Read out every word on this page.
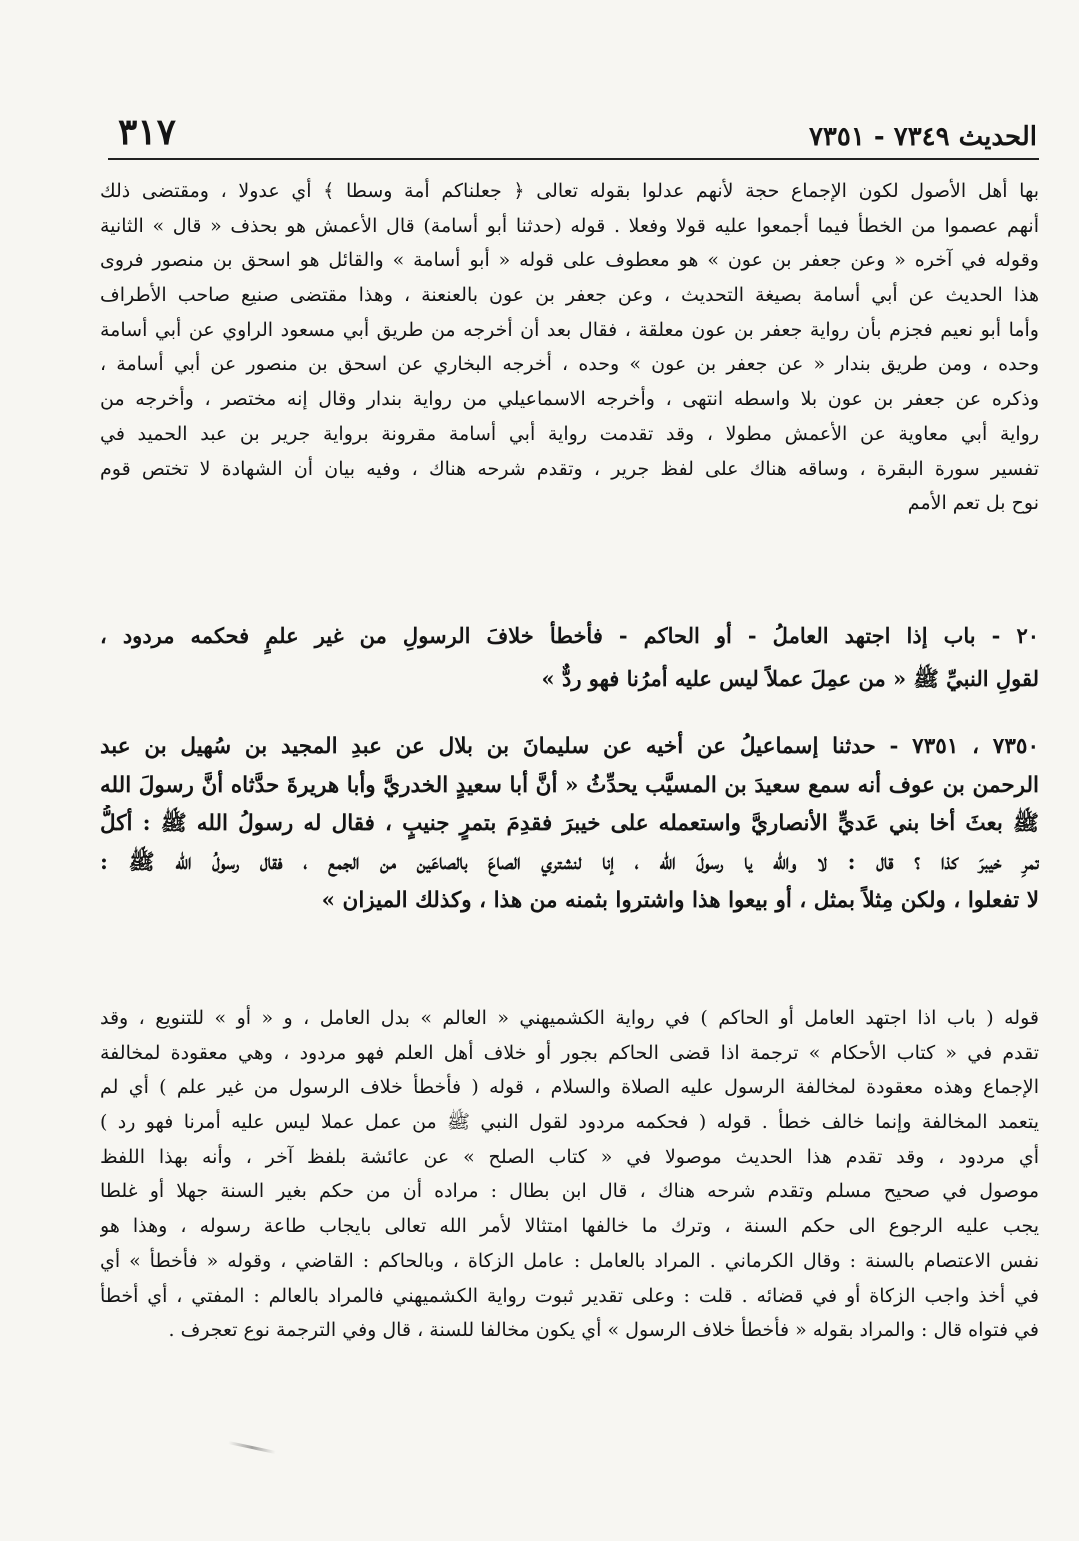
٣١٧	الحديث ٧٣٤٩ - ٧٣٥١
بها أهل الأصول لكون الإجماع حجة لأنهم عدلوا بقوله تعالى ﴿ جعلناكم أمة وسطا ﴾ أي عدولا ، ومقتضى ذلك
أنهم عصموا من الخطأ فيما أجمعوا عليه قولا وفعلا . قوله (حدثنا أبو أسامة) قال الأعمش هو بحذف « قال » الثانية
وقوله في آخره « وعن جعفر بن عون » هو معطوف على قوله « أبو أسامة » والقائل هو اسحق بن منصور فروى
هذا الحديث عن أبي أسامة بصيغة التحديث ، وعن جعفر بن عون بالعنعنة ، وهذا مقتضى صنيع صاحب الأطراف
وأما أبو نعيم فجزم بأن رواية جعفر بن عون معلقة ، فقال بعد أن أخرجه من طريق أبي مسعود الراوي عن أبي أسامة
وحده ، ومن طريق بندار « عن جعفر بن عون » وحده ، أخرجه البخاري عن اسحق بن منصور عن أبي أسامة ،
وذكره عن جعفر بن عون بلا واسطه انتهى ، وأخرجه الاسماعيلي من رواية بندار وقال إنه مختصر ، وأخرجه من
رواية أبي معاوية عن الأعمش مطولا ، وقد تقدمت رواية أبي أسامة مقرونة برواية جرير بن عبد الحميد في
تفسير سورة البقرة ، وساقه هناك على لفظ جرير ، وتقدم شرحه هناك ، وفيه بيان أن الشهادة لا تختص قوم
نوح بل تعم الأمم
٢٠ - باب إذا اجتهد العاملُ - أو الحاكم - فأخطأ خلافَ الرسولِ من غير علمٍ فحكمه مردود ،
لقولِ النبيِّ ﷺ « من عمِلَ عملاً ليس عليه أمرُنا فهو ردٌّ »
٧٣٥٠ ، ٧٣٥١ - حدثنا إسماعيلُ عن أخيه عن سليمانَ بن بلال عن عبدِ المجيد بن سُهيل بن عبد
الرحمن بن عوف أنه سمع سعيدَ بن المسيَّب يحدِّثُ « أنَّ أبا سعيدٍ الخدريَّ وأبا هريرةَ حدَّثاه أنَّ رسولَ الله
ﷺ بعثَ أخا بني عَديٍّ الأنصاريَّ واستعمله على خيبرَ فقدِمَ بتمرٍ جنيبٍ ، فقال له رسولُ الله ﷺ : أكلُّ
تمرِ خيبرَ كذا ؟ قال : لا والله يا رسولَ الله ، إنا لنشتري الصاعَ بالصاعَين من الجمع ، فقال رسولُ الله ﷺ :
لا تفعلوا ، ولكن مِثلاً بمثل ، أو بيعوا هذا واشتروا بثمنه من هذا ، وكذلك الميزان »
قوله ( باب اذا اجتهد العامل أو الحاكم ) في رواية الكشميهني « العالم » بدل العامل ، و « أو » للتنويع ، وقد
تقدم في « كتاب الأحكام » ترجمة اذا قضى الحاكم بجور أو خلاف أهل العلم فهو مردود ، وهي معقودة لمخالفة
الإجماع وهذه معقودة لمخالفة الرسول عليه الصلاة والسلام ، قوله ( فأخطأ خلاف الرسول من غير علم ) أي لم
يتعمد المخالفة وإنما خالف خطأ . قوله ( فحكمه مردود لقول النبي ﷺ من عمل عملا ليس عليه أمرنا فهو رد )
أي مردود ، وقد تقدم هذا الحديث موصولا في « كتاب الصلح » عن عائشة بلفظ آخر ، وأنه بهذا اللفظ
موصول في صحيح مسلم وتقدم شرحه هناك ، قال ابن بطال : مراده أن من حكم بغير السنة جهلا أو غلطا
يجب عليه الرجوع الى حكم السنة ، وترك ما خالفها امتثالا لأمر الله تعالى بايجاب طاعة رسوله ، وهذا هو
نفس الاعتصام بالسنة : وقال الكرماني . المراد بالعامل : عامل الزكاة ، وبالحاكم : القاضي ، وقوله « فأخطأ » أي
في أخذ واجب الزكاة أو في قضائه . قلت : وعلى تقدير ثبوت رواية الكشميهني فالمراد بالعالم : المفتي ، أي أخطأ
في فتواه قال : والمراد بقوله « فأخطأ خلاف الرسول » أي يكون مخالفا للسنة ، قال وفي الترجمة نوع تعجرف .
